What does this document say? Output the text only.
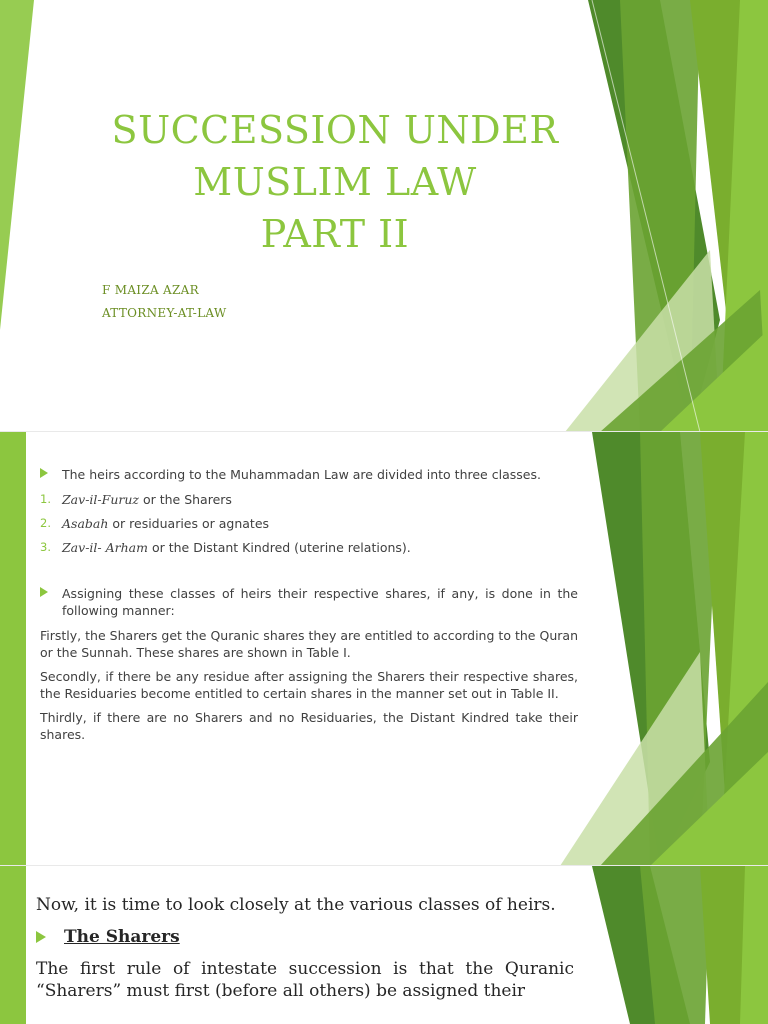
SUCCESSION UNDER
MUSLIM LAW
PART II
F MAIZA AZAR
ATTORNEY-AT-LAW
The heirs according to the Muhammadan Law are divided into three classes.
1. Zav-il-Furuz or the Sharers
2. Asabah or residuaries or agnates
3. Zav-il- Arham or the Distant Kindred (uterine relations).
Assigning these classes of heirs their respective shares, if any, is done in the following manner:
Firstly, the Sharers get the Quranic shares they are entitled to according to the Quran or the Sunnah. These shares are shown in Table I.
Secondly, if there be any residue after assigning the Sharers their respective shares, the Residuaries become entitled to certain shares in the manner set out in Table II.
Thirdly, if there are no Sharers and no Residuaries, the Distant Kindred take their shares.
Now, it is time to look closely at the various classes of heirs.
The Sharers
The first rule of intestate succession is that the Quranic “Sharers” must first (before all others) be assigned their
